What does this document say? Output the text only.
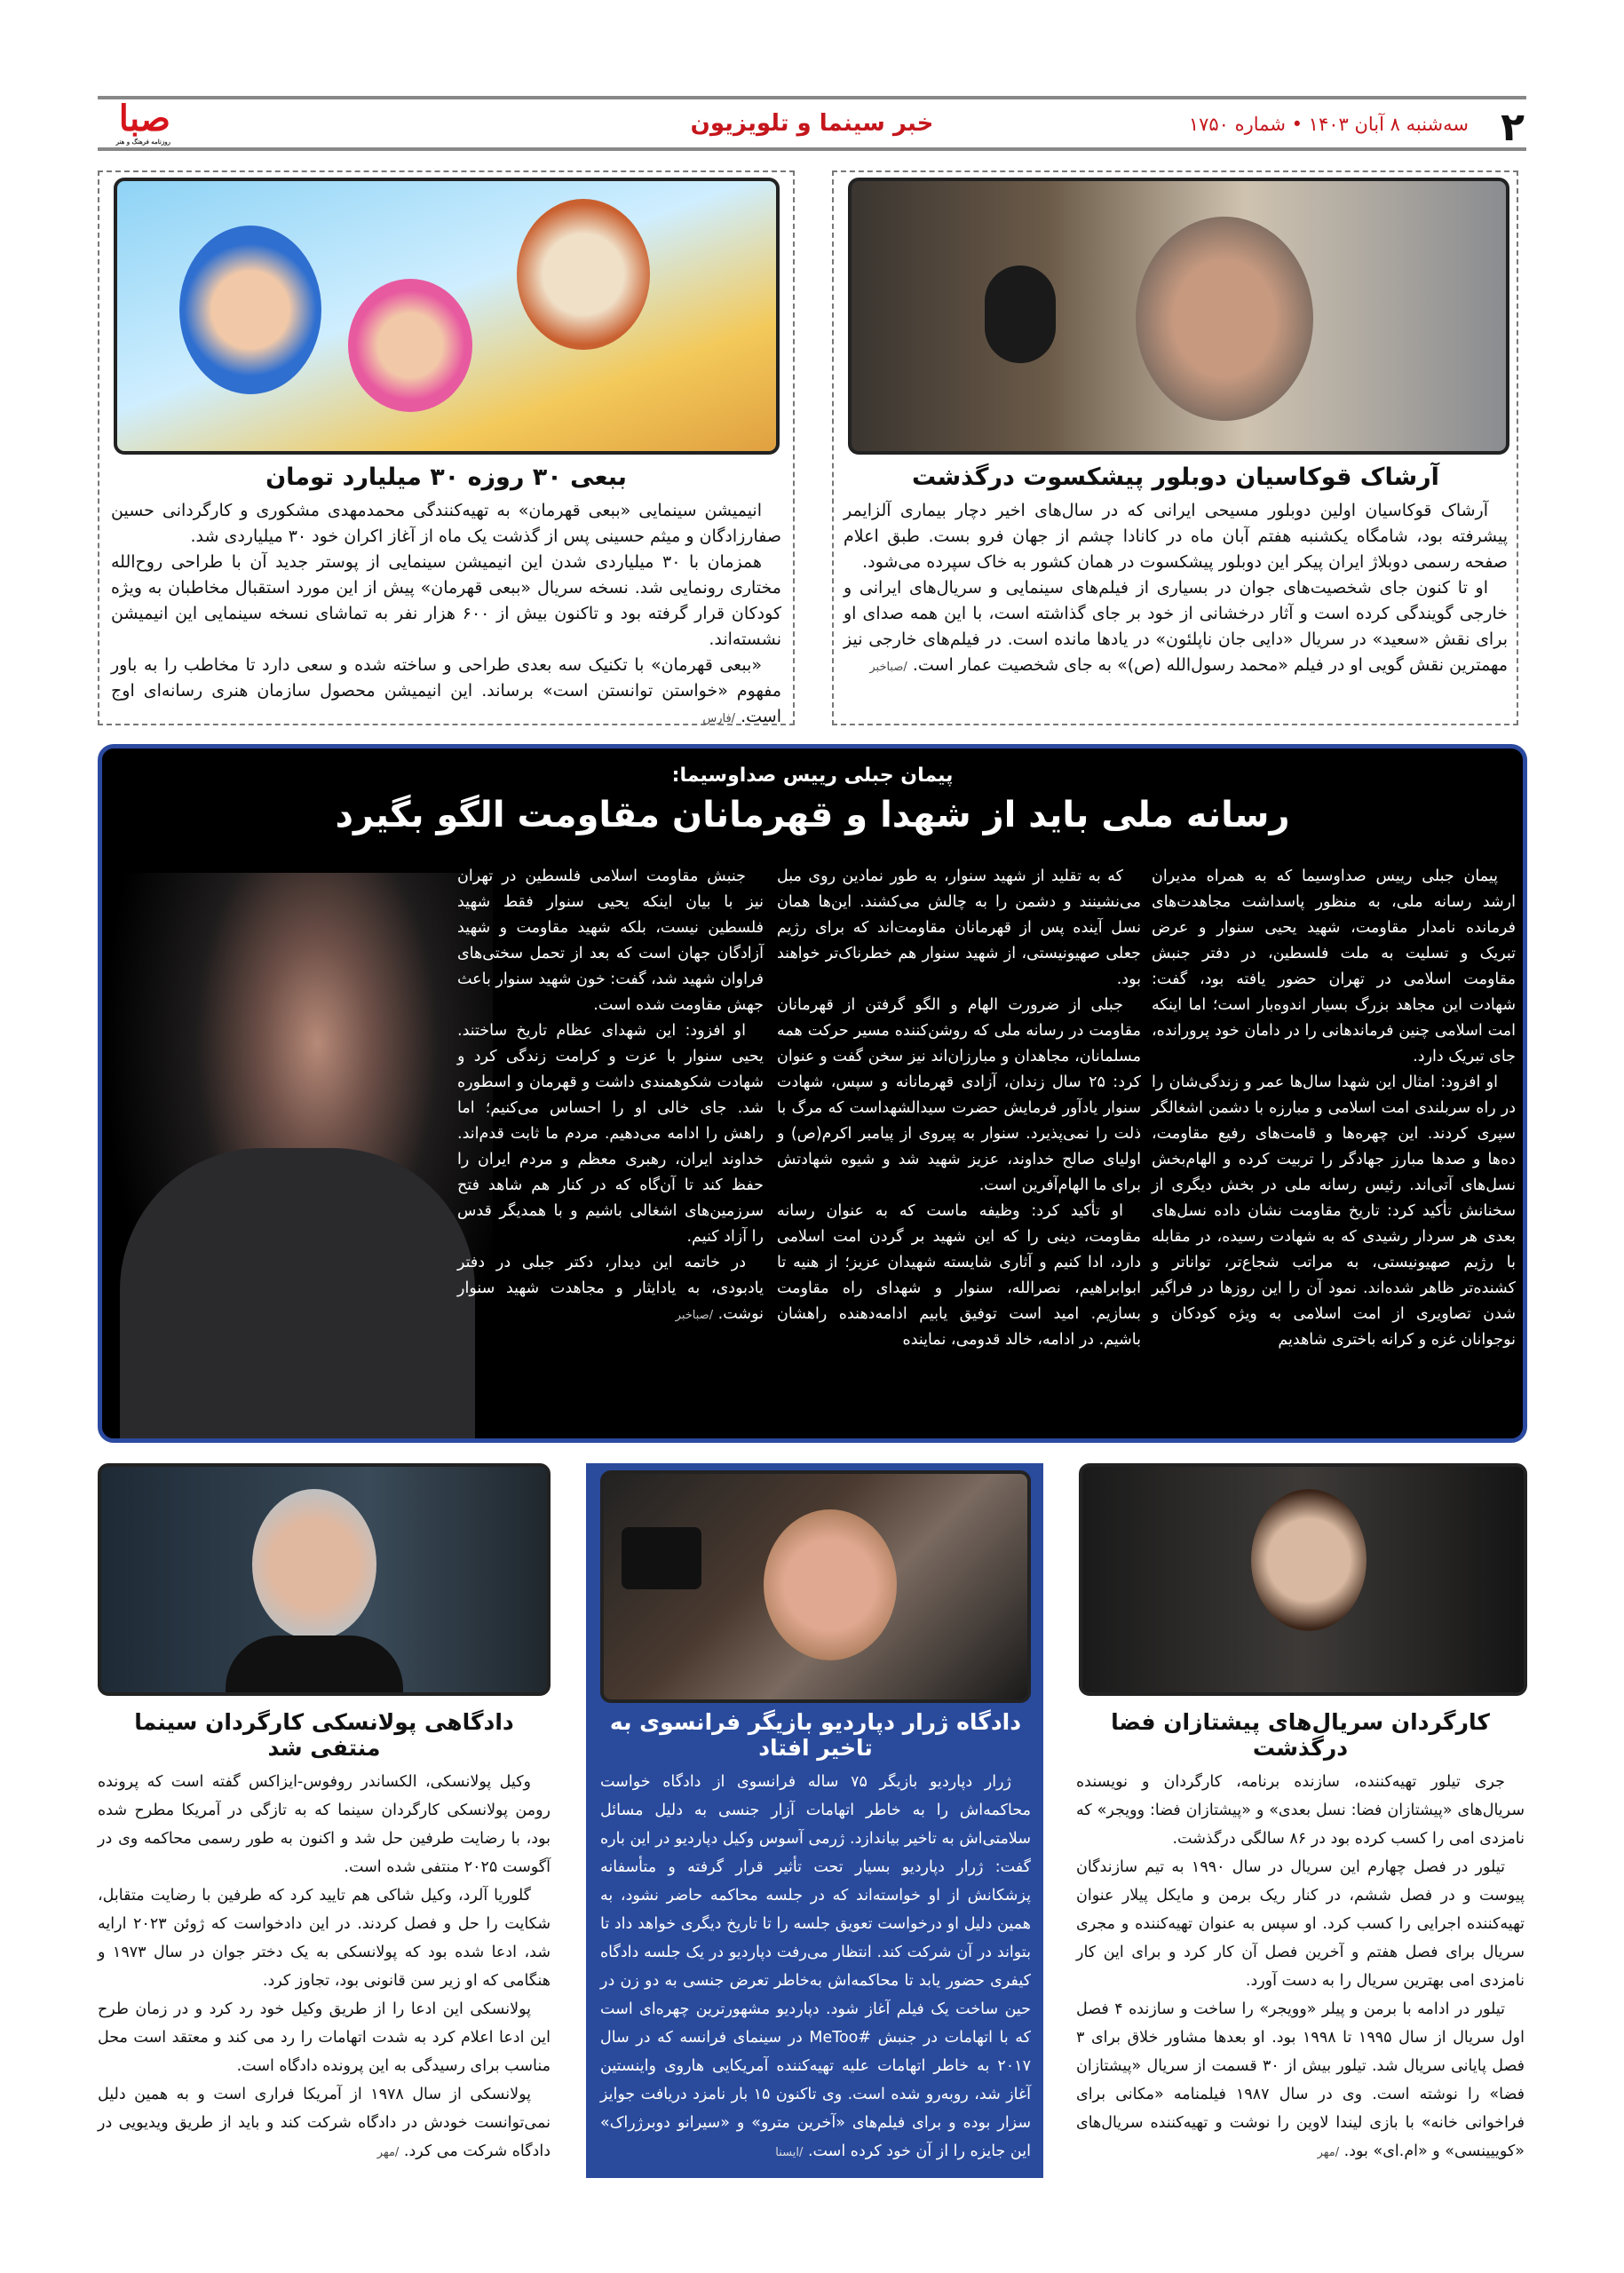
۲
سه‌شنبه ۸ آبان ۱۴۰۳ • شماره ۱۷۵۰
خبر سینما و تلویزیون
صبا
روزنامه فرهنگ و هنر
آرشاک قوکاسیان دوبلور پیشکسوت درگذشت

آرشاک قوکاسیان اولین دوبلور مسیحی ایرانی که در سال‌های اخیر دچار بیماری آلزایمر پیشرفته بود، شامگاه یکشنبه هفتم آبان ماه در کانادا چشم از جهان فرو بست. طبق اعلام صفحه رسمی دوبلاژ ایران پیکر این دوبلور پیشکسوت در همان کشور به خاک سپرده می‌شود.

او تا کنون جای شخصیت‌های جوان در بسیاری از فیلم‌های سینمایی و سریال‌های ایرانی و خارجی گویندگی کرده است و آثار درخشانی از خود بر جای گذاشته است، با این همه صدای او برای نقش «سعید» در سریال «دایی جان ناپلئون» در یادها مانده است. در فیلم‌های خارجی نیز مهمترین نقش گویی او در فیلم «محمد رسول‌الله (ص)» به جای شخصیت عمار است. /صباخبر

ببعی ۳۰ روزه ۳۰ میلیارد تومان

انیمیشن سینمایی «ببعی قهرمان» به تهیه‌کنندگی محمدمهدی مشکوری و کارگردانی حسین صفارزادگان و میثم حسینی پس از گذشت یک ماه از آغاز اکران خود ۳۰ میلیاردی شد.

همزمان با ۳۰ میلیاردی شدن این انیمیشن سینمایی از پوستر جدید آن با طراحی روح‌الله مختاری رونمایی شد. نسخه سریال «ببعی قهرمان» پیش از این مورد استقبال مخاطبان به ویژه کودکان قرار گرفته بود و تاکنون بیش از ۶۰۰ هزار نفر به تماشای نسخه سینمایی این انیمیشن نشسته‌اند.

«ببعی قهرمان» با تکنیک سه بعدی طراحی و ساخته شده و سعی دارد تا مخاطب را به باور مفهوم «خواستن توانستن است» برساند. این انیمیشن محصول سازمان هنری رسانه‌ای اوج است. /فارس

پیمان جبلی رییس صداوسیما:
رسانه ملی باید از شهدا و قهرمانان مقاومت الگو بگیرد

پیمان جبلی رییس صداوسیما که به همراه مدیران ارشد رسانه ملی، به منظور پاسداشت مجاهدت‌های فرمانده نامدار مقاومت، شهید یحیی سنوار و عرض تبریک و تسلیت به ملت فلسطین، در دفتر جنبش مقاومت اسلامی در تهران حضور یافته بود، گفت: شهادت این مجاهد بزرگ بسیار اندوه‌بار است؛ اما اینکه امت اسلامی چنین فرماندهانی را در دامان خود پرورانده، جای تبریک دارد.

او افزود: امثال این شهدا سال‌ها عمر و زندگی‌شان را در راه سربلندی امت اسلامی و مبارزه با دشمن اشغالگر سپری کردند. این چهره‌ها و قامت‌های رفیع مقاومت، ده‌ها و صدها مبارز جهادگر را تربیت کرده و الهام‌بخش نسل‌های آتی‌اند. رئیس رسانه ملی در بخش دیگری از سخنانش تأکید کرد: تاریخ مقاومت نشان داده نسل‌های بعدی هر سردار رشیدی که به شهادت رسیده، در مقابله با رژیم صهیونیستی، به مراتب شجاع‌تر، تواناتر و کشنده‌تر ظاهر شده‌اند. نمود آن را این روزها در فراگیر شدن تصاویری از امت اسلامی به ویژه کودکان و نوجوانان غزه و کرانه باختری شاهدیم

که به تقلید از شهید سنوار، به طور نمادین روی مبل می‌نشینند و دشمن را به چالش می‌کشند. این‌ها همان نسل آینده پس از قهرمانان مقاومت‌اند که برای رژیم جعلی صهیونیستی، از شهید سنوار هم خطرناک‌تر خواهند بود.

جبلی از ضرورت الهام و الگو گرفتن از قهرمانان مقاومت در رسانه ملی که روشن‌کننده مسیر حرکت همه مسلمانان، مجاهدان و مبارزان‌اند نیز سخن گفت و عنوان کرد: ۲۵ سال زندان، آزادی قهرمانانه و سپس، شهادت سنوار یادآور فرمایش حضرت سیدالشهداست که مرگ با ذلت را نمی‌پذیرد. سنوار به پیروی از پیامبر اکرم(ص) و اولیای صالح خداوند، عزیز شهید شد و شیوه شهادتش برای ما الهام‌آفرین است.

او تأکید کرد: وظیفه ماست که به عنوان رسانه مقاومت، دینی را که این شهید بر گردن امت اسلامی دارد، ادا کنیم و آثاری شایسته شهیدان عزیز؛ از هنیه تا ابوابراهیم، نصرالله، سنوار و شهدای راه مقاومت بسازیم. امید است توفیق یابیم ادامه‌دهنده راهشان باشیم. در ادامه، خالد قدومی، نماینده

جنبش مقاومت اسلامی فلسطین در تهران نیز با بیان اینکه یحیی سنوار فقط شهید فلسطین نیست، بلکه شهید مقاومت و شهید آزادگان جهان است که بعد از تحمل سختی‌های فراوان شهید شد، گفت: خون شهید سنوار باعث جهش مقاومت شده است.

او افزود: این شهدای عظام تاریخ ساختند. یحیی سنوار با عزت و کرامت زندگی کرد و شهادت شکوهمندی داشت و قهرمان و اسطوره شد. جای خالی او را احساس می‌کنیم؛ اما راهش را ادامه می‌دهیم. مردم ما ثابت قدم‌اند. خداوند ایران، رهبری معظم و مردم ایران را حفظ کند تا آن‌گاه که در کنار هم شاهد فتح سرزمین‌های اشغالی باشیم و با همدیگر قدس را آزاد کنیم.

در خاتمه این دیدار، دکتر جبلی در دفتر یادبودی، به یادایثار و مجاهدت شهید سنوار نوشت. /صباخبر

کارگردان سریال‌های پیشتازان فضا درگذشت

جری تیلور تهیه‌کننده، سازنده برنامه، کارگردان و نویسنده سریال‌های «پیشتازان فضا: نسل بعدی» و «پیشتازان فضا: وویجر» که نامزدی امی را کسب کرده بود در ۸۶ سالگی درگذشت.

تیلور در فصل چهارم این سریال در سال ۱۹۹۰ به تیم سازندگان پیوست و در فصل ششم، در کنار ریک برمن و مایکل پیلار عنوان تهیه‌کننده اجرایی را کسب کرد. او سپس به عنوان تهیه‌کننده و مجری سریال برای فصل هفتم و آخرین فصل آن کار کرد و برای این کار نامزدی امی بهترین سریال را به دست آورد.

تیلور در ادامه با برمن و پیلر «وویجر» را ساخت و سازنده ۴ فصل اول سریال از سال ۱۹۹۵ تا ۱۹۹۸ بود. او بعدها مشاور خلاق برای ۳ فصل پایانی سریال شد. تیلور بیش از ۳۰ قسمت از سریال «پیشتازان فضا» را نوشته است. وی در سال ۱۹۸۷ فیلمنامه «مکانی برای فراخوانی خانه» با بازی لیندا لاوین را نوشت و تهیه‌کننده سریال‌های «کوییینسی» و «ام.ای» بود. /مهر

دادگاه ژرار دپاردیو بازیگر فرانسوی به تاخیر افتاد

ژرار دپاردیو بازیگر ۷۵ ساله فرانسوی از دادگاه خواست محاکمه‌اش را به خاطر اتهامات آزار جنسی به دلیل مسائل سلامتی‌اش به تاخیر بیاندازد. ژرمی آسوس وکیل دپاردیو در این باره گفت: ژرار دپاردیو بسیار تحت تأثیر قرار گرفته و متأسفانه پزشکانش از او خواسته‌اند که در جلسه محاکمه حاضر نشود، به همین دلیل او درخواست تعویق جلسه را تا تاریخ دیگری خواهد داد تا بتواند در آن شرکت کند. انتظار می‌رفت دپاردیو در یک جلسه دادگاه کیفری حضور یابد تا محاکمه‌اش به‌خاطر تعرض جنسی به دو زن در حین ساخت یک فیلم آغاز شود. دپاردیو مشهورترین چهره‌ای است که با اتهامات در جنبش #MeToo در سینمای فرانسه که در سال ۲۰۱۷ به خاطر اتهامات علیه تهیه‌کننده آمریکایی هاروی واینستین آغاز شد، روبه‌رو شده است. وی تاکنون ۱۵ بار نامزد دریافت جوایز سزار بوده و برای فیلم‌های «آخرین مترو» و «سیرانو دوبرژراک» این جایزه را از آن خود کرده است. /ایسنا

دادگاهی پولانسکی کارگردان سینما منتفی شد

وکیل پولانسکی، الکساندر روفوس-ایزاکس گفته است که پرونده رومن پولانسکی کارگردان سینما که به تازگی در آمریکا مطرح شده بود، با رضایت طرفین حل شد و اکنون به طور رسمی محاکمه وی در آگوست ۲۰۲۵ منتفی شده است.

گلوریا آلرد، وکیل شاکی هم تایید کرد که طرفین با رضایت متقابل، شکایت را حل و فصل کردند. در این دادخواست که ژوئن ۲۰۲۳ ارایه شد، ادعا شده بود که پولانسکی به یک دختر جوان در سال ۱۹۷۳ و هنگامی که او زیر سن قانونی بود، تجاوز کرد.

پولانسکی این ادعا را از طریق وکیل خود رد کرد و در زمان طرح این ادعا اعلام کرد به شدت اتهامات را رد می کند و معتقد است محل مناسب برای رسیدگی به این پرونده دادگاه است.

پولانسکی از سال ۱۹۷۸ از آمریکا فراری است و به همین دلیل نمی‌توانست خودش در دادگاه شرکت کند و باید از طریق ویدیویی در دادگاه شرکت می کرد. /مهر
